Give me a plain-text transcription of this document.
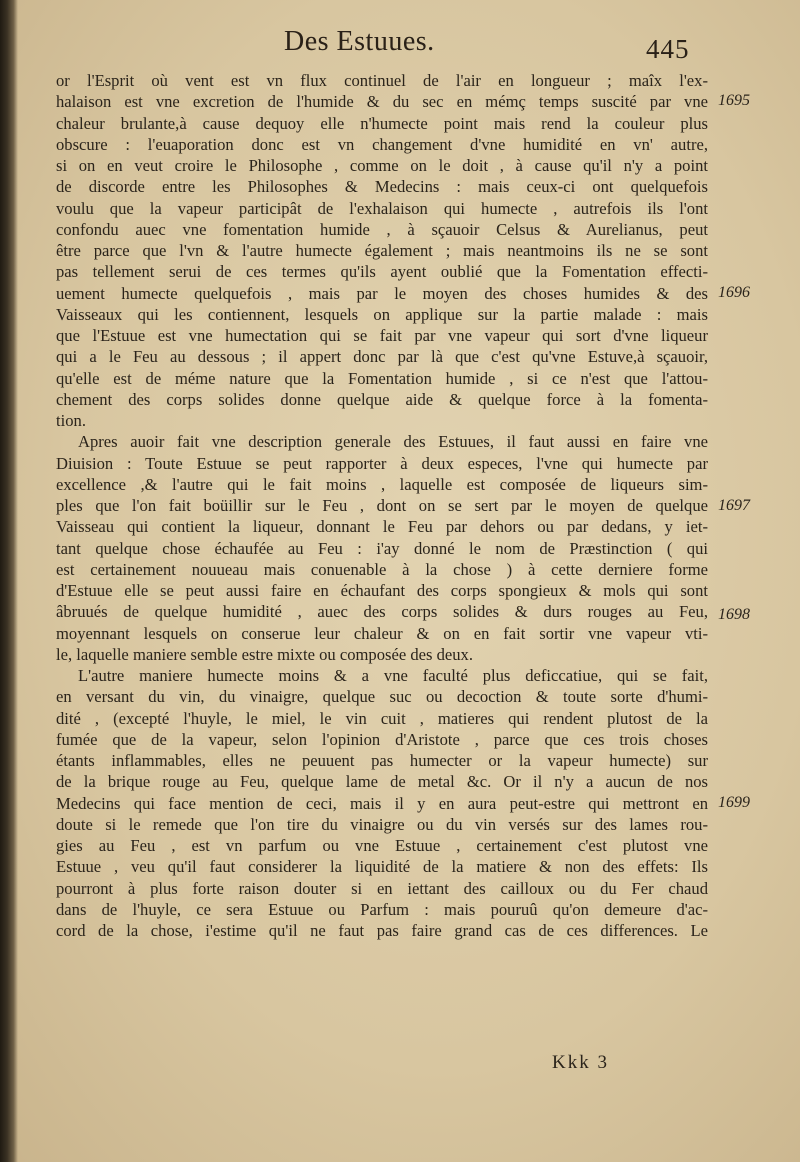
Des Estuues.	445
or l'Esprit où vent est vn flux continuel de l'air en longueur ; maîx l'ex-
halaison est vne excretion de l'humide & du sec en mémç temps suscité par vne
chaleur brulante,à cause dequoy elle n'humecte point mais rend la couleur plus
obscure : l'euaporation donc est vn changement d'vne humidité en vn' autre,
si on en veut croire le Philosophe , comme on le doit , à cause qu'il n'y a point
de discorde entre les Philosophes & Medecins : mais ceux-ci ont quelquefois
voulu que la vapeur participât de l'exhalaison qui humecte , autrefois ils l'ont
confondu auec vne fomentation humide , à sçauoir Celsus & Aurelianus, peut
être parce que l'vn & l'autre humecte également ; mais neantmoins ils ne se sont
pas tellement serui de ces termes qu'ils ayent oublié que la Fomentation effecti-
uement humecte quelquefois , mais par le moyen des choses humides & des
Vaisseaux qui les contiennent, lesquels on applique sur la partie malade : mais
que l'Estuue est vne humectation qui se fait par vne vapeur qui sort d'vne liqueur
qui a le Feu au dessous ; il appert donc par là que c'est qu'vne Estuve,à sçauoir,
qu'elle est de méme nature que la Fomentation humide , si ce n'est que l'attou-
chement des corps solides donne quelque aide & quelque force à la fomenta-
tion.
Apres auoir fait vne description generale des Estuues, il faut aussi en faire vne
Diuision : Toute Estuue se peut rapporter à deux especes, l'vne qui humecte par
excellence ,& l'autre qui le fait moins , laquelle est composée de liqueurs sim-
ples que l'on fait boüillir sur le Feu , dont on se sert par le moyen de quelque
Vaisseau qui contient la liqueur, donnant le Feu par dehors ou par dedans, y iet-
tant quelque chose échaufée au Feu : i'ay donné le nom de Præstinction ( qui
est certainement nouueau mais conuenable à la chose ) à cette derniere forme
d'Estuue elle se peut aussi faire en échaufant des corps spongieux & mols qui sont
âbruués de quelque humidité , auec des corps solides & durs rouges au Feu,
moyennant lesquels on conserue leur chaleur & on en fait sortir vne vapeur vti-
le, laquelle maniere semble estre mixte ou composée des deux.
L'autre maniere humecte moins & a vne faculté plus deficcatiue, qui se fait,
en versant du vin, du vinaigre, quelque suc ou decoction & toute sorte d'humi-
dité , (excepté l'huyle, le miel, le vin cuit , matieres qui rendent plutost de la
fumée que de la vapeur, selon l'opinion d'Aristote , parce que ces trois choses
étants inflammables, elles ne peuuent pas humecter or la vapeur humecte) sur
de la brique rouge au Feu, quelque lame de metal &c. Or il n'y a aucun de nos
Medecins qui face mention de ceci, mais il y en aura peut-estre qui mettront en
doute si le remede que l'on tire du vinaigre ou du vin versés sur des lames rou-
gies au Feu , est vn parfum ou vne Estuue , certainement c'est plutost vne
Estuue , veu qu'il faut considerer la liquidité de la matiere & non des effets: Ils
pourront à plus forte raison douter si en iettant des cailloux ou du Fer chaud
dans de l'huyle, ce sera Estuue ou Parfum : mais pouruû qu'on demeure d'ac-
cord de la chose, i'estime qu'il ne faut pas faire grand cas de ces differences. Le
1695
1696
1697
1698
1699
Kkk 3
